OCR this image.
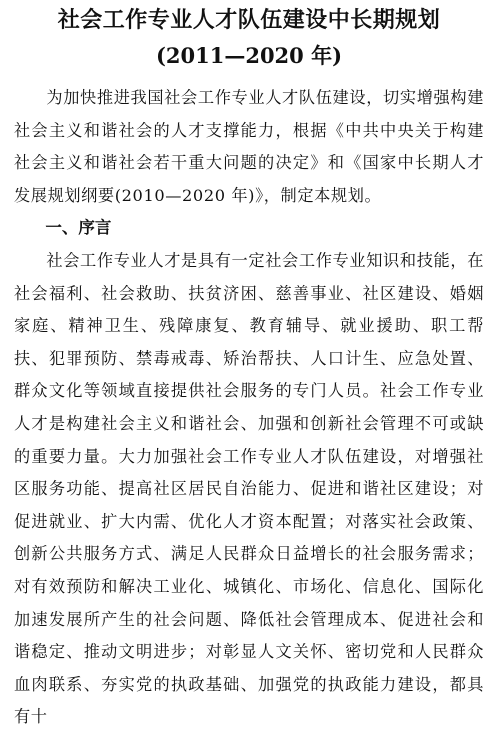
社会工作专业人才队伍建设中长期规划
(2011—2020 年)

为加快推进我国社会工作专业人才队伍建设，切实增强构建社会主义和谐社会的人才支撑能力，根据《中共中央关于构建社会主义和谐社会若干重大问题的决定》和《国家中长期人才发展规划纲要(2010—2020 年)》，制定本规划。

一、序言

社会工作专业人才是具有一定社会工作专业知识和技能，在社会福利、社会救助、扶贫济困、慈善事业、社区建设、婚姻家庭、精神卫生、残障康复、教育辅导、就业援助、职工帮扶、犯罪预防、禁毒戒毒、矫治帮扶、人口计生、应急处置、群众文化等领域直接提供社会服务的专门人员。社会工作专业人才是构建社会主义和谐社会、加强和创新社会管理不可或缺的重要力量。大力加强社会工作专业人才队伍建设，对增强社区服务功能、提高社区居民自治能力、促进和谐社区建设；对促进就业、扩大内需、优化人才资本配置；对落实社会政策、创新公共服务方式、满足人民群众日益增长的社会服务需求；对有效预防和解决工业化、城镇化、市场化、信息化、国际化加速发展所产生的社会问题、降低社会管理成本、促进社会和谐稳定、推动文明进步；对彰显人文关怀、密切党和人民群众血肉联系、夯实党的执政基础、加强党的执政能力建设，都具有十
